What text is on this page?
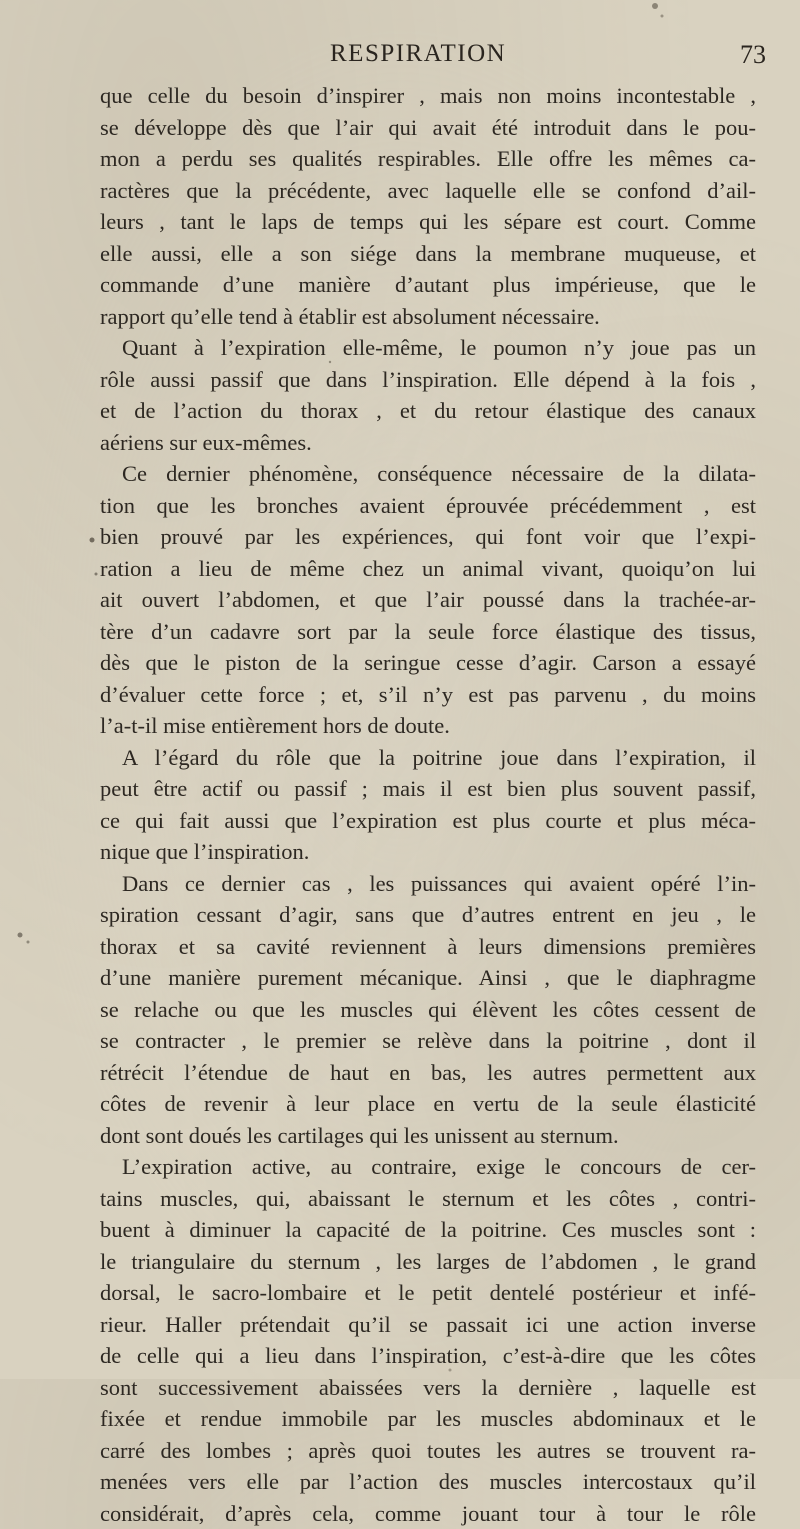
RESPIRATION	73
que celle du besoin d’inspirer , mais non moins incontestable ,
se développe dès que l’air qui avait été introduit dans le pou-
mon a perdu ses qualités respirables. Elle offre les mêmes ca-
ractères que la précédente, avec laquelle elle se confond d’ail-
leurs , tant le laps de temps qui les sépare est court. Comme
elle aussi, elle a son siége dans la membrane muqueuse, et
commande d’une manière d’autant plus impérieuse, que le
rapport qu’elle tend à établir est absolument nécessaire.
Quant à l’expiration elle-même, le poumon n’y joue pas un
rôle aussi passif que dans l’inspiration. Elle dépend à la fois ,
et de l’action du thorax , et du retour élastique des canaux
aériens sur eux-mêmes.
Ce dernier phénomène, conséquence nécessaire de la dilata-
tion que les bronches avaient éprouvée précédemment , est
bien prouvé par les expériences, qui font voir que l’expi-
ration a lieu de même chez un animal vivant, quoiqu’on lui
ait ouvert l’abdomen, et que l’air poussé dans la trachée-ar-
tère d’un cadavre sort par la seule force élastique des tissus,
dès que le piston de la seringue cesse d’agir. Carson a essayé
d’évaluer cette force ; et, s’il n’y est pas parvenu , du moins
l’a-t-il mise entièrement hors de doute.
A l’égard du rôle que la poitrine joue dans l’expiration, il
peut être actif ou passif ; mais il est bien plus souvent passif,
ce qui fait aussi que l’expiration est plus courte et plus méca-
nique que l’inspiration.
Dans ce dernier cas , les puissances qui avaient opéré l’in-
spiration cessant d’agir, sans que d’autres entrent en jeu , le
thorax et sa cavité reviennent à leurs dimensions premières
d’une manière purement mécanique. Ainsi , que le diaphragme
se relache ou que les muscles qui élèvent les côtes cessent de
se contracter , le premier se relève dans la poitrine , dont il
rétrécit l’étendue de haut en bas, les autres permettent aux
côtes de revenir à leur place en vertu de la seule élasticité
dont sont doués les cartilages qui les unissent au sternum.
L’expiration active, au contraire, exige le concours de cer-
tains muscles, qui, abaissant le sternum et les côtes , contri-
buent à diminuer la capacité de la poitrine. Ces muscles sont :
le triangulaire du sternum , les larges de l’abdomen , le grand
dorsal, le sacro-lombaire et le petit dentelé postérieur et infé-
rieur. Haller prétendait qu’il se passait ici une action inverse
de celle qui a lieu dans l’inspiration, c’est-à-dire que les côtes
sont successivement abaissées vers la dernière , laquelle est
fixée et rendue immobile par les muscles abdominaux et le
carré des lombes ; après quoi toutes les autres se trouvent ra-
menées vers elle par l’action des muscles intercostaux qu’il
considérait, d’après cela, comme jouant tour à tour le rôle
